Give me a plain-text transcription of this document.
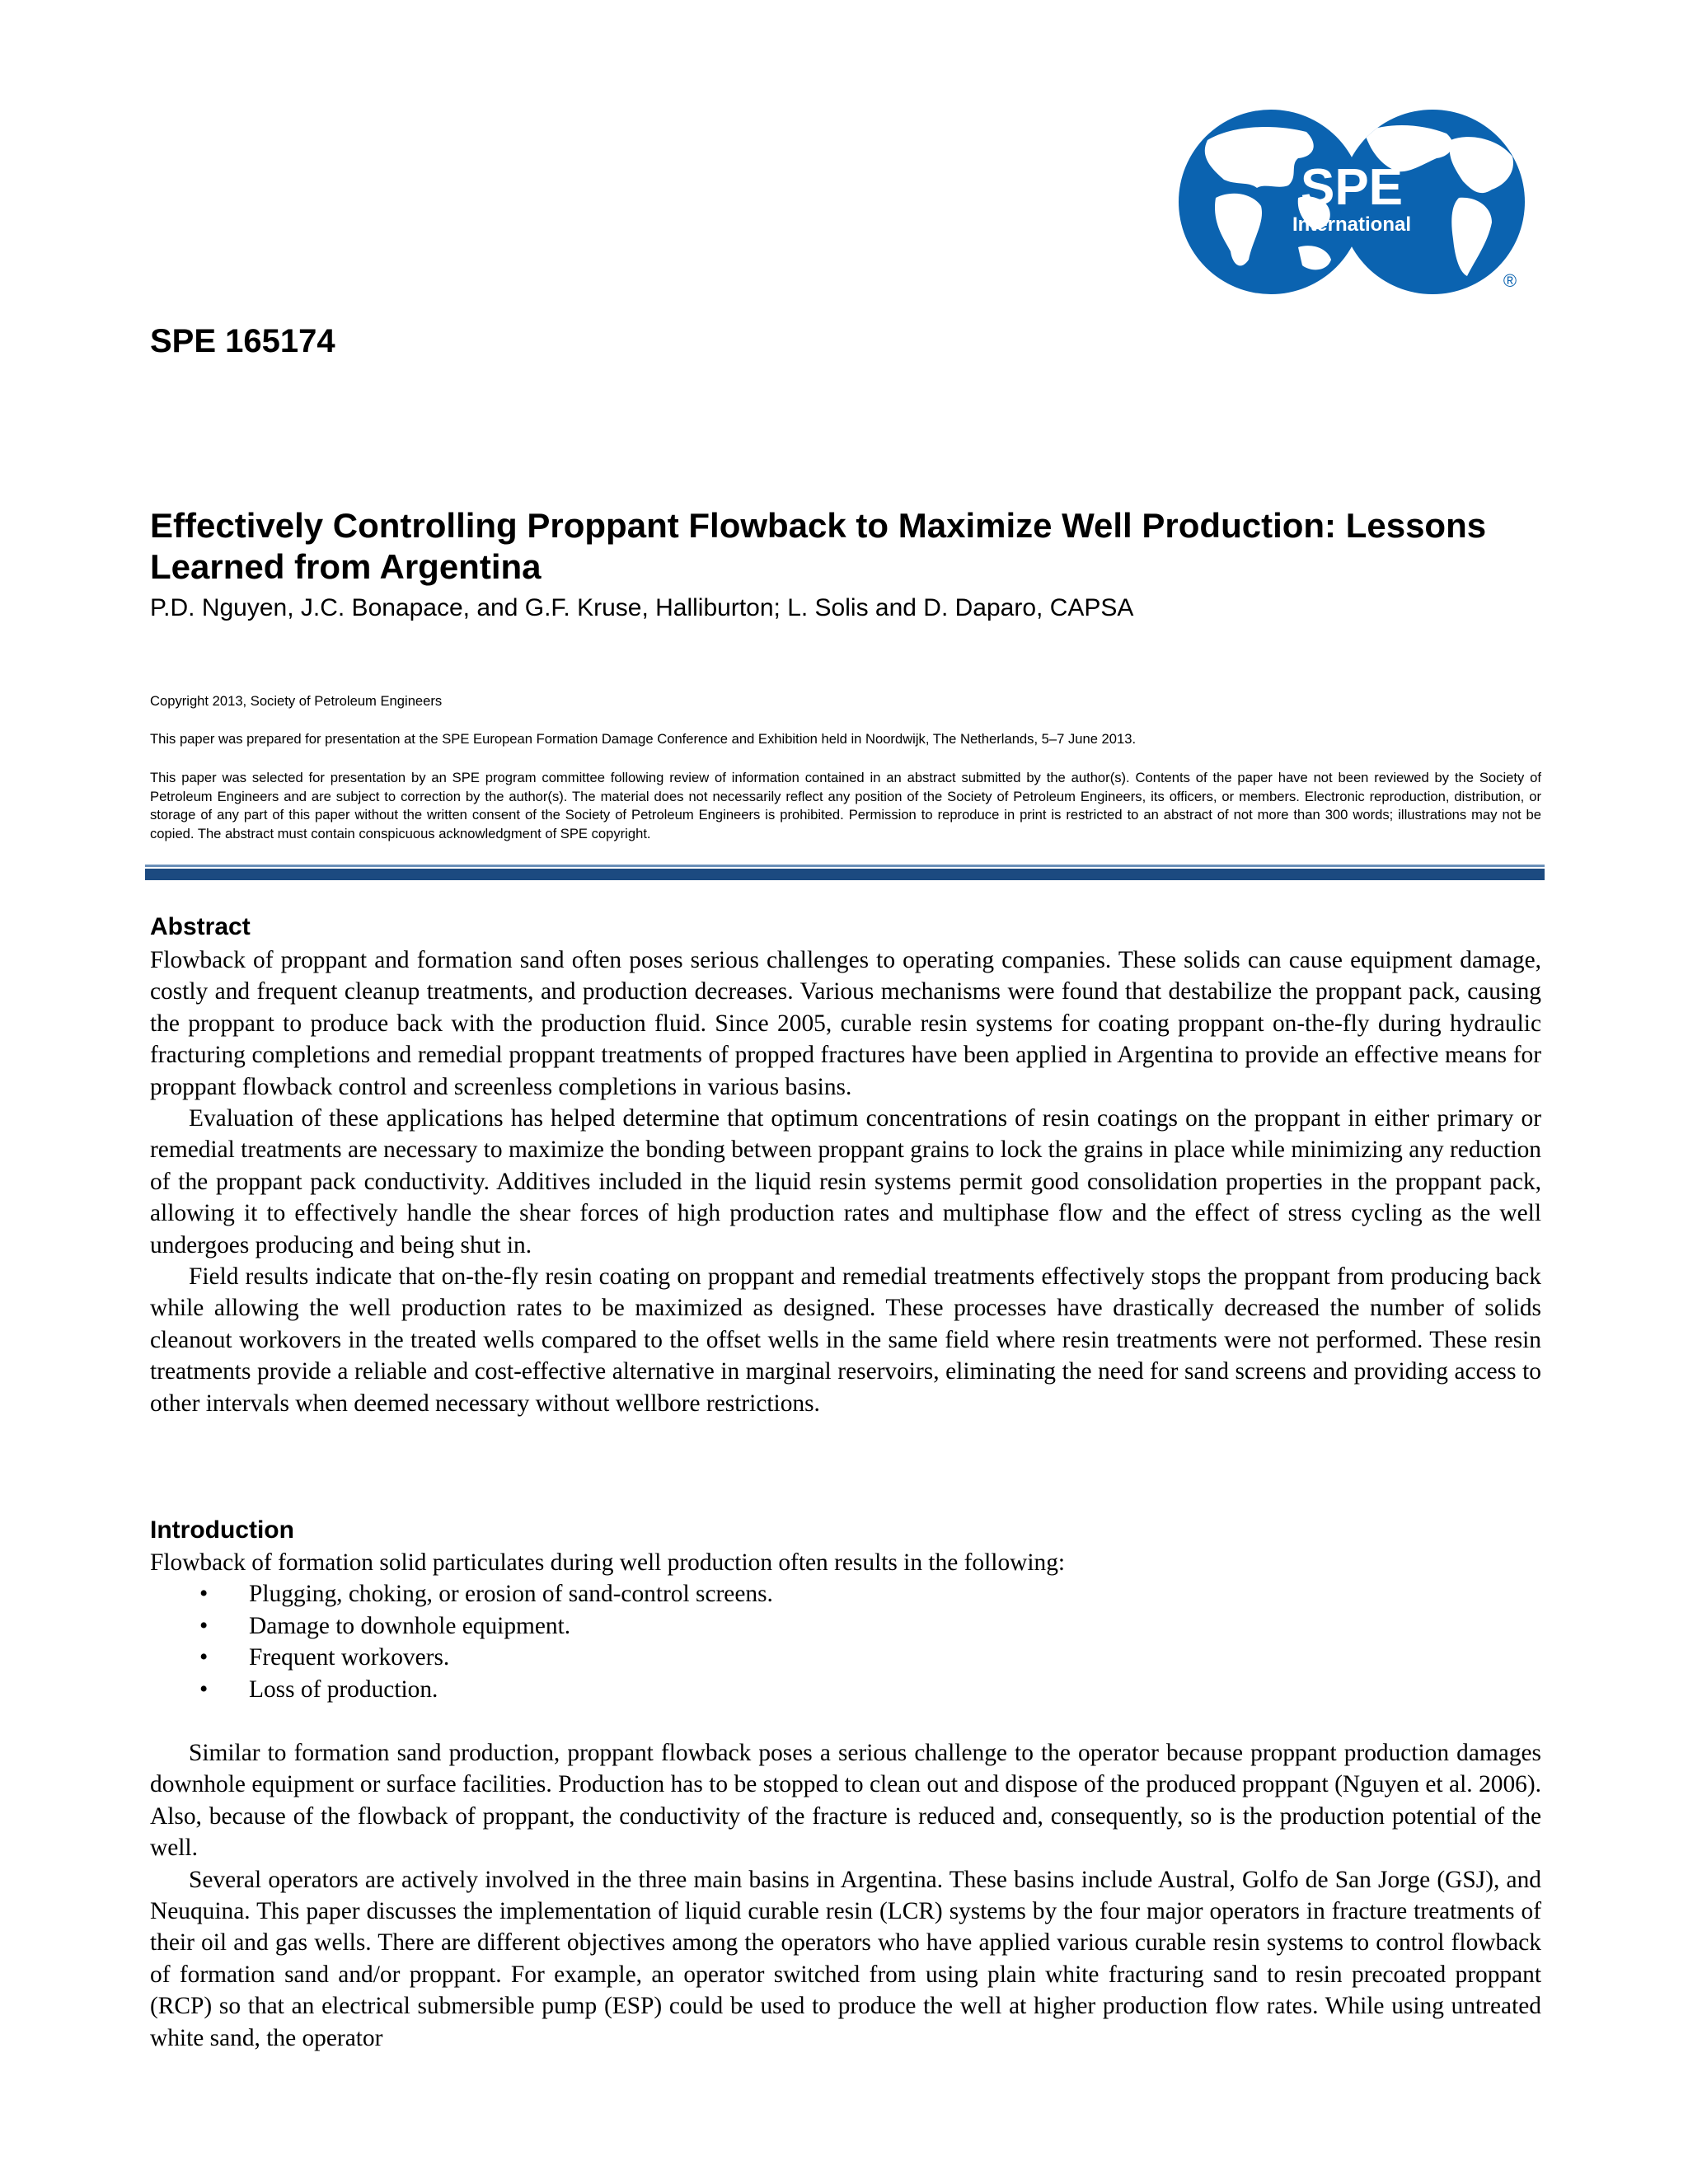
SPE
International
®
SPE 165174
Effectively Controlling Proppant Flowback to Maximize Well Production: Lessons Learned from Argentina
P.D. Nguyen, J.C. Bonapace, and G.F. Kruse, Halliburton; L. Solis and D. Daparo, CAPSA

Copyright 2013, Society of Petroleum Engineers

This paper was prepared for presentation at the SPE European Formation Damage Conference and Exhibition held in Noordwijk, The Netherlands, 5–7 June 2013.

This paper was selected for presentation by an SPE program committee following review of information contained in an abstract submitted by the author(s). Contents of the paper have not been reviewed by the Society of Petroleum Engineers and are subject to correction by the author(s). The material does not necessarily reflect any position of the Society of Petroleum Engineers, its officers, or members. Electronic reproduction, distribution, or storage of any part of this paper without the written consent of the Society of Petroleum Engineers is prohibited. Permission to reproduce in print is restricted to an abstract of not more than 300 words; illustrations may not be copied. The abstract must contain conspicuous acknowledgment of SPE copyright.

Abstract

Flowback of proppant and formation sand often poses serious challenges to operating companies. These solids can cause equipment damage, costly and frequent cleanup treatments, and production decreases. Various mechanisms were found that destabilize the proppant pack, causing the proppant to produce back with the production fluid. Since 2005, curable resin systems for coating proppant on-the-fly during hydraulic fracturing completions and remedial proppant treatments of propped fractures have been applied in Argentina to provide an effective means for proppant flowback control and screenless completions in various basins.

Evaluation of these applications has helped determine that optimum concentrations of resin coatings on the proppant in either primary or remedial treatments are necessary to maximize the bonding between proppant grains to lock the grains in place while minimizing any reduction of the proppant pack conductivity. Additives included in the liquid resin systems permit good consolidation properties in the proppant pack, allowing it to effectively handle the shear forces of high production rates and multiphase flow and the effect of stress cycling as the well undergoes producing and being shut in.

Field results indicate that on-the-fly resin coating on proppant and remedial treatments effectively stops the proppant from producing back while allowing the well production rates to be maximized as designed. These processes have drastically decreased the number of solids cleanout workovers in the treated wells compared to the offset wells in the same field where resin treatments were not performed. These resin treatments provide a reliable and cost-effective alternative in marginal reservoirs, eliminating the need for sand screens and providing access to other intervals when deemed necessary without wellbore restrictions.

Introduction

Flowback of formation solid particulates during well production often results in the following:

• Plugging, choking, or erosion of sand-control screens.
• Damage to downhole equipment.
• Frequent workovers.
• Loss of production.

Similar to formation sand production, proppant flowback poses a serious challenge to the operator because proppant production damages downhole equipment or surface facilities. Production has to be stopped to clean out and dispose of the produced proppant (Nguyen et al. 2006). Also, because of the flowback of proppant, the conductivity of the fracture is reduced and, consequently, so is the production potential of the well.

Several operators are actively involved in the three main basins in Argentina. These basins include Austral, Golfo de San Jorge (GSJ), and Neuquina. This paper discusses the implementation of liquid curable resin (LCR) systems by the four major operators in fracture treatments of their oil and gas wells. There are different objectives among the operators who have applied various curable resin systems to control flowback of formation sand and/or proppant. For example, an operator switched from using plain white fracturing sand to resin precoated proppant (RCP) so that an electrical submersible pump (ESP) could be used to produce the well at higher production flow rates. While using untreated white sand, the operator
